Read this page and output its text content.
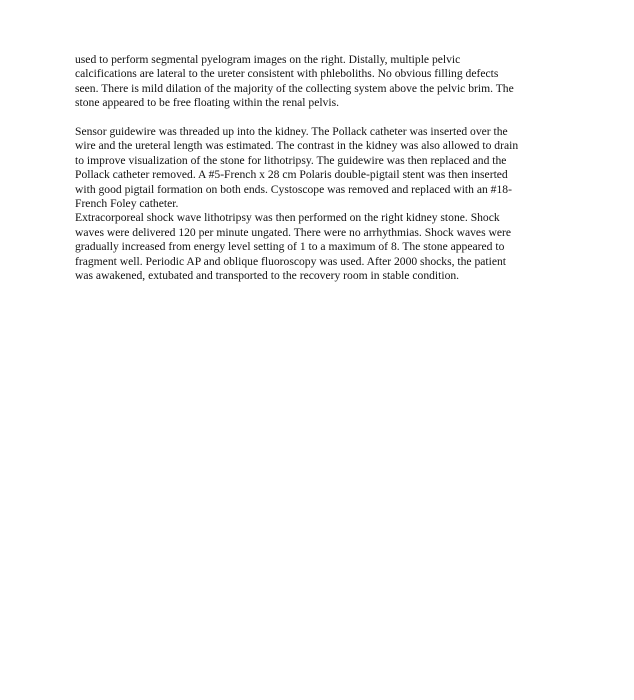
used to perform segmental pyelogram images on the right. Distally, multiple pelvic
calcifications are lateral to the ureter consistent with phleboliths. No obvious filling defects
seen. There is mild dilation of the majority of the collecting system above the pelvic brim. The
stone appeared to be free floating within the renal pelvis.
Sensor guidewire was threaded up into the kidney. The Pollack catheter was inserted over the
wire and the ureteral length was estimated. The contrast in the kidney was also allowed to drain
to improve visualization of the stone for lithotripsy. The guidewire was then replaced and the
Pollack catheter removed. A #5-French x 28 cm Polaris double-pigtail stent was then inserted
with good pigtail formation on both ends. Cystoscope was removed and replaced with an #18-
French Foley catheter.
Extracorporeal shock wave lithotripsy was then performed on the right kidney stone. Shock
waves were delivered 120 per minute ungated. There were no arrhythmias. Shock waves were
gradually increased from energy level setting of 1 to a maximum of 8. The stone appeared to
fragment well. Periodic AP and oblique fluoroscopy was used. After 2000 shocks, the patient
was awakened, extubated and transported to the recovery room in stable condition.
